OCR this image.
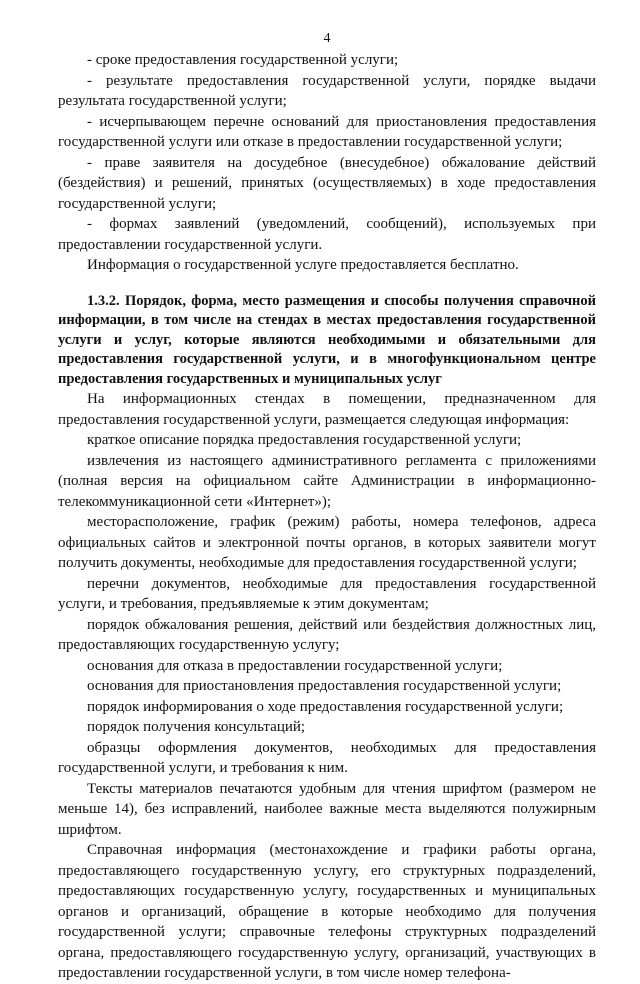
4

- сроке предоставления государственной услуги;

- результате предоставления государственной услуги, порядке выдачи результата государственной услуги;

- исчерпывающем перечне оснований для приостановления предоставления государственной услуги или отказе в предоставлении государственной услуги;

- праве заявителя на досудебное (внесудебное) обжалование действий (бездействия) и решений, принятых (осуществляемых) в ходе предоставления государственной услуги;

- формах заявлений (уведомлений, сообщений), используемых при предоставлении государственной услуги.

Информация о государственной услуге предоставляется бесплатно.

1.3.2. Порядок, форма, место размещения и способы получения справочной информации, в том числе на стендах в местах предоставления государственной услуги и услуг, которые являются необходимыми и обязательными для предоставления государственной услуги, и в многофункциональном центре предоставления государственных и муниципальных услуг

На информационных стендах в помещении, предназначенном для предоставления государственной услуги, размещается следующая информация:

краткое описание порядка предоставления государственной услуги;

извлечения из настоящего административного регламента с приложениями (полная версия на официальном сайте Администрации в информационно-телекоммуникационной сети «Интернет»);

месторасположение, график (режим) работы, номера телефонов, адреса официальных сайтов и электронной почты органов, в которых заявители могут получить документы, необходимые для предоставления государственной услуги;

перечни документов, необходимые для предоставления государственной услуги, и требования, предъявляемые к этим документам;

порядок обжалования решения, действий или бездействия должностных лиц, предоставляющих государственную услугу;

основания для отказа в предоставлении государственной услуги;

основания для приостановления предоставления государственной услуги;

порядок информирования о ходе предоставления государственной услуги;

порядок получения консультаций;

образцы оформления документов, необходимых для предоставления государственной услуги, и требования к ним.

Тексты материалов печатаются удобным для чтения шрифтом (размером не меньше 14), без исправлений, наиболее важные места выделяются полужирным шрифтом.

Справочная информация (местонахождение и графики работы органа, предоставляющего государственную услугу, его структурных подразделений, предоставляющих государственную услугу, государственных и муниципальных органов и организаций, обращение в которые необходимо для получения государственной услуги; справочные телефоны структурных подразделений органа, предоставляющего государственную услугу, организаций, участвующих в предоставлении государственной услуги, в том числе номер телефона-
